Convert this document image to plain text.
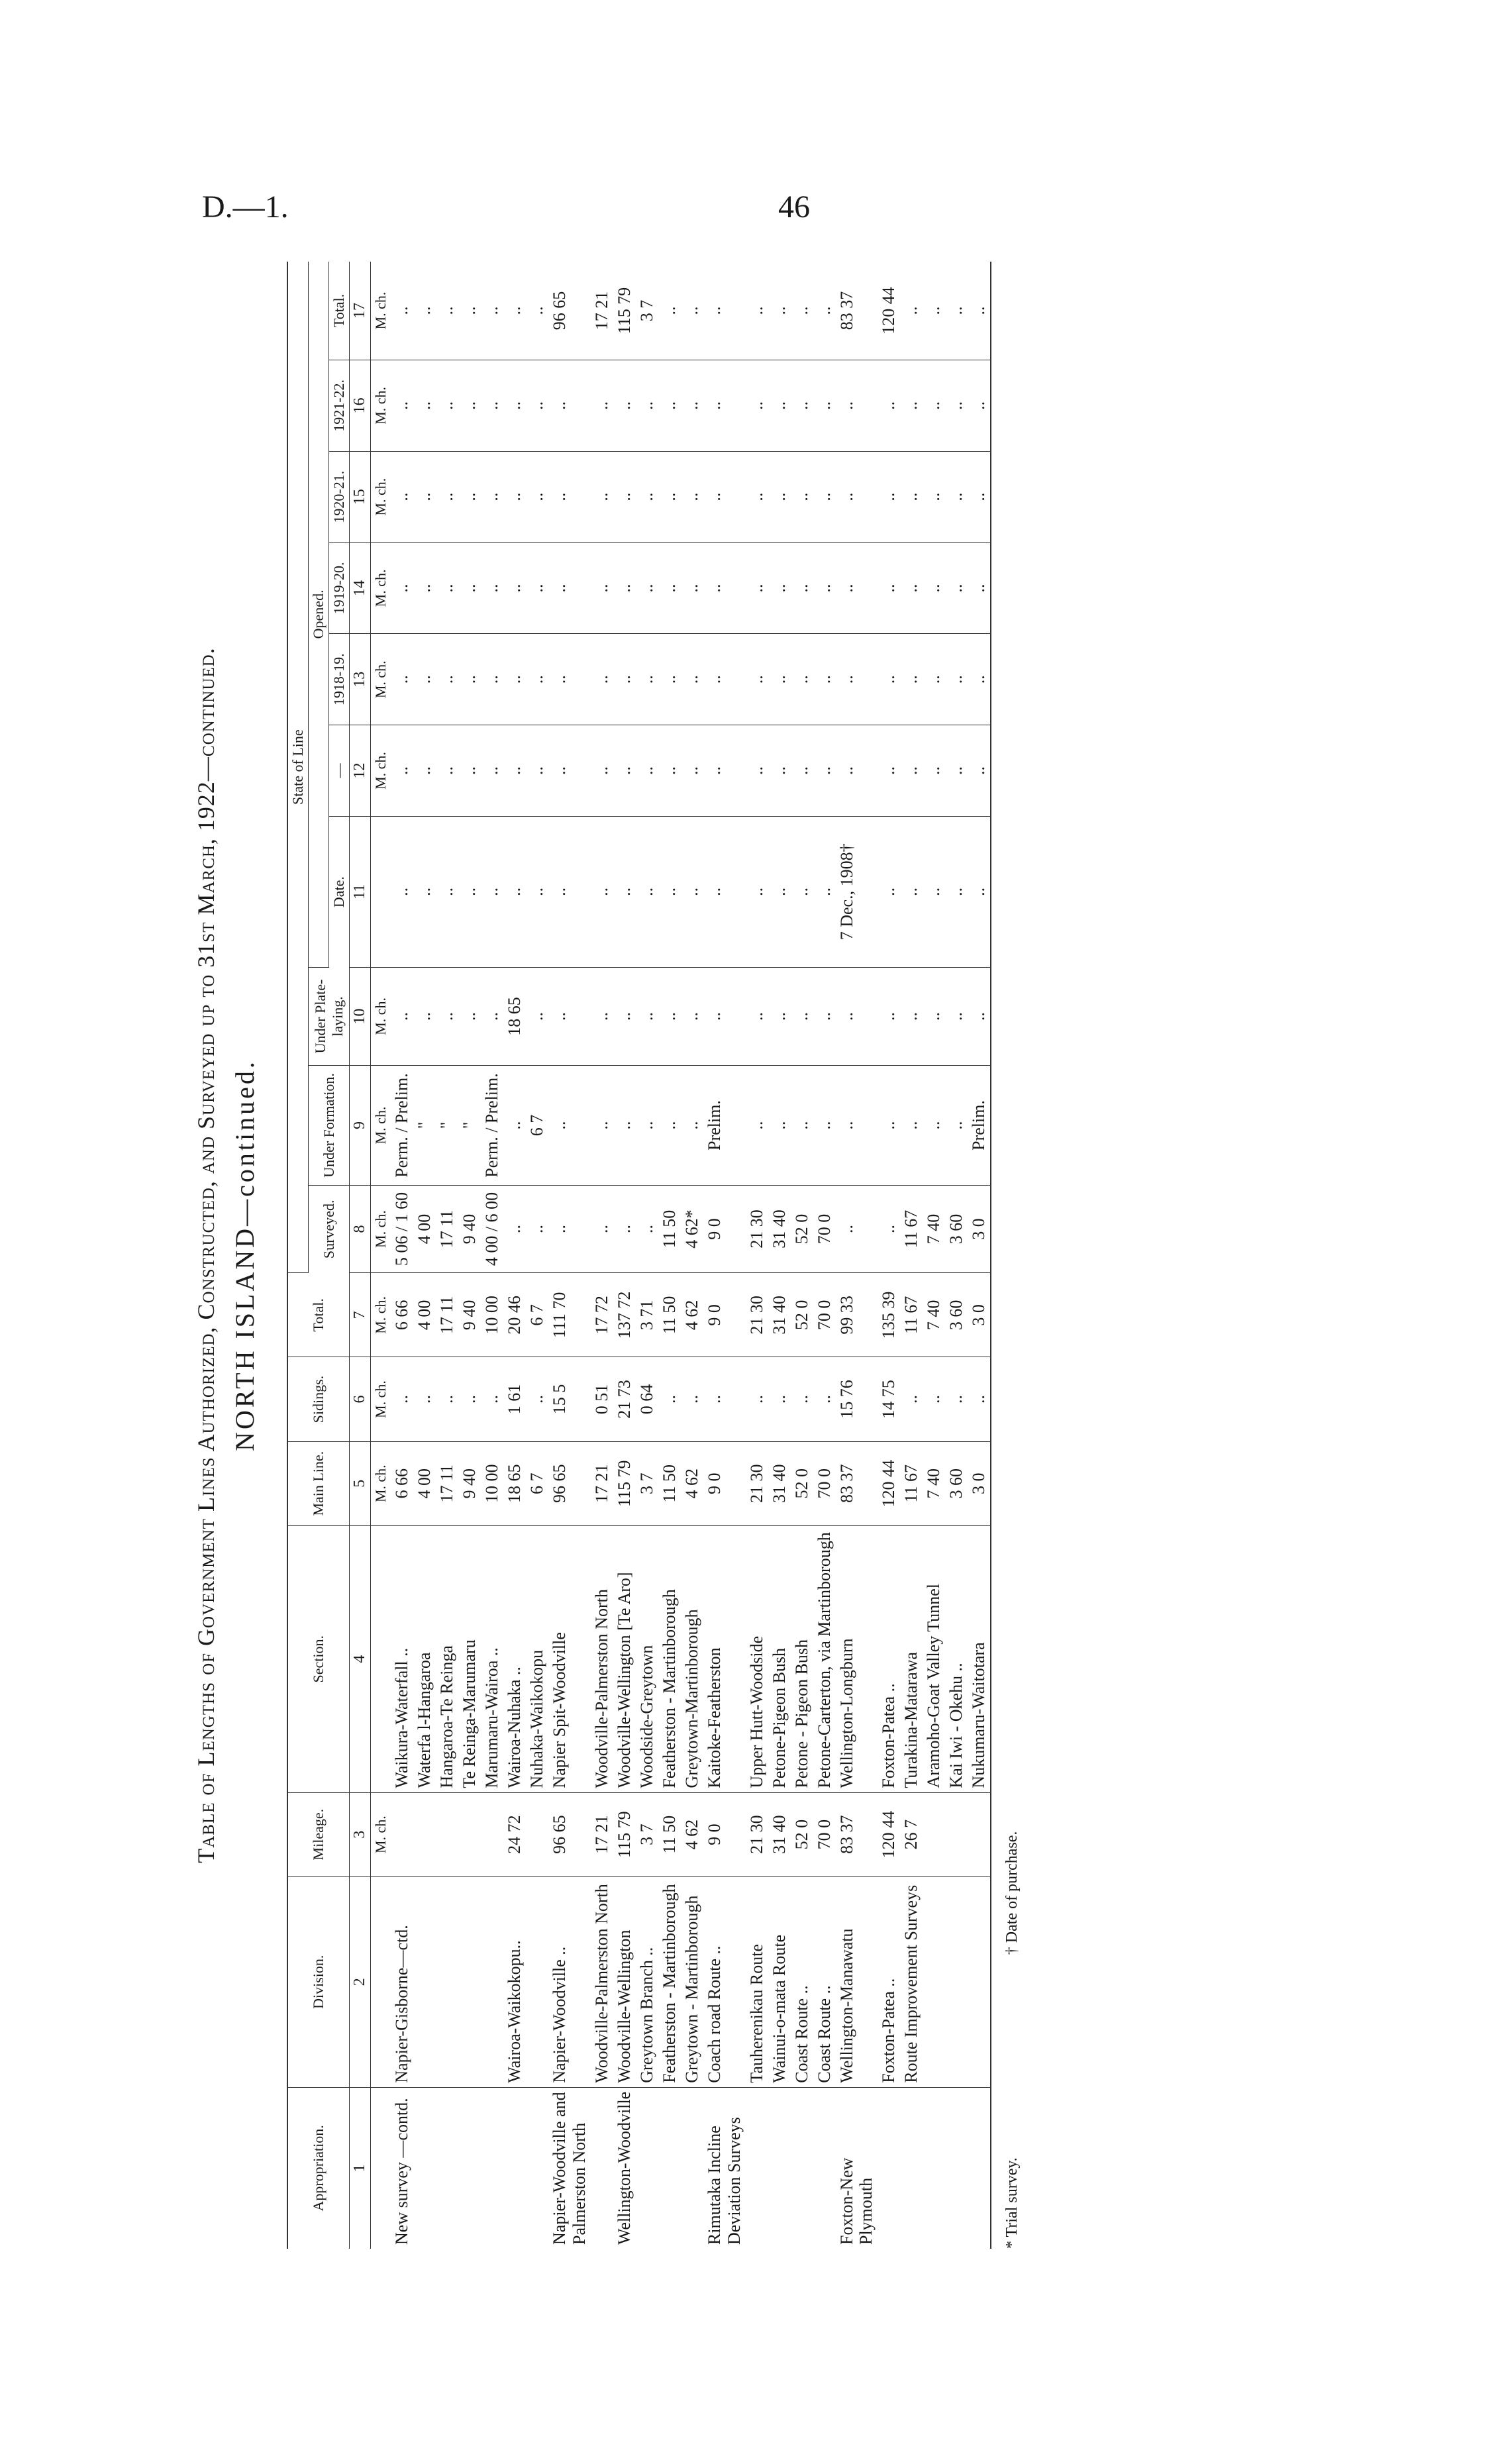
D.—1.	46
Table of Lengths of Government Lines Authorized, Constructed, and Surveyed up to 31st March, 1922—continued. NORTH ISLAND—continued.
Appropriation.	Division.	Mileage.	Section.	Main Line.	Sidings.	Total.	State of Line									
							Surveyed.	Under Formation.	Under Plate-laying.	Opened.						
										Date.	—	1918-19.	1919-20.	1920-21.	1921-22.	Total.
1	2	3	4	5	6	7	8	9	10	11	12	13	14	15	16	17
		M. ch.		M. ch.	M. ch.	M. ch.	M. ch.	M. ch.	M. ch.		M. ch.	M. ch.	M. ch.	M. ch.	M. ch.	M. ch.
New survey —contd.	Napier-Gisborne—ctd.		Waikura-Waterfall ..	6 66	..	6 66	5 06 / 1 60	Perm. / Prelim.	..	..	..	..	..	..	..	..
			Waterfa l-Hangaroa	4 00	..	4 00	4 00	"	..	..	..	..	..	..	..	..
			Hangaroa-Te Reinga	17 11	..	17 11	17 11	"	..	..	..	..	..	..	..	..
			Te Reinga-Marumaru	9 40	..	9 40	9 40	"	..	..	..	..	..	..	..	..
			Marumaru-Wairoa ..	10 00	..	10 00	4 00 / 6 00	Perm. / Prelim.	..	..	..	..	..	..	..	..
	Wairoa-Waikokopu..	24 72	Wairoa-Nuhaka ..	18 65	1 61	20 46	..	..	18 65	..	..	..	..	..	..	..
			Nuhaka-Waikokopu	6 7	..	6 7	..	6 7	..	..	..	..	..	..	..	..
Napier-Woodville and Palmerston North	Napier-Woodville ..	96 65	Napier Spit-Woodville	96 65	15 5	111 70	..	..	..	..	..	..	..	..	..	96 65
	Woodville-Palmerston North	17 21	Woodville-Palmerston North	17 21	0 51	17 72	..	..	..	..	..	..	..	..	..	17 21
Wellington-Woodville	Woodville-Wellington	115 79	Woodville-Wellington [Te Aro]	115 79	21 73	137 72	..	..	..	..	..	..	..	..	..	115 79
	Greytown Branch ..	3 7	Woodside-Greytown	3 7	0 64	3 71	..	..	..	..	..	..	..	..	..	3 7
	Featherston - Martinborough	11 50	Featherston - Martinborough	11 50	..	11 50	11 50	..	..	..	..	..	..	..	..	..
	Greytown - Martinborough	4 62	Greytown-Martinborough	4 62	..	4 62	4 62*	..	..	..	..	..	..	..	..	..
Rimutaka Incline Deviation Surveys	Coach road Route ..	9 0	Kaitoke-Featherston	9 0	..	9 0	9 0	Prelim.	..	..	..	..	..	..	..	..
	Tauherenikau Route	21 30	Upper Hutt-Woodside	21 30	..	21 30	21 30	..	..	..	..	..	..	..	..	..
	Wainui-o-mata Route	31 40	Petone-Pigeon Bush	31 40	..	31 40	31 40	..	..	..	..	..	..	..	..	..
	Coast Route ..	52 0	Petone - Pigeon Bush	52 0	..	52 0	52 0	..	..	..	..	..	..	..	..	..
	Coast Route ..	70 0	Petone-Carterton, via Martinborough	70 0	..	70 0	70 0	..	..	..	..	..	..	..	..	..
Foxton-New Plymouth	Wellington-Manawatu	83 37	Wellington-Longburn	83 37	15 76	99 33	..	..	..	7 Dec., 1908†	..	..	..	..	..	83 37
	Foxton-Patea ..	120 44	Foxton-Patea ..	120 44	14 75	135 39	..	..	..	..	..	..	..	..	..	120 44
	Route Improvement Surveys	26 7	Turakina-Matarawa	11 67	..	11 67	11 67	..	..	..	..	..	..	..	..	..
			Aramoho-Goat Valley Tunnel	7 40	..	7 40	7 40	..	..	..	..	..	..	..	..	..
			Kai Iwi - Okehu ..	3 60	..	3 60	3 60	..	..	..	..	..	..	..	..	..
			Nukumaru-Waitotara	3 0	..	3 0	3 0	Prelim.	..	..	..	..	..	..	..	..
* Trial survey. † Date of purchase.
